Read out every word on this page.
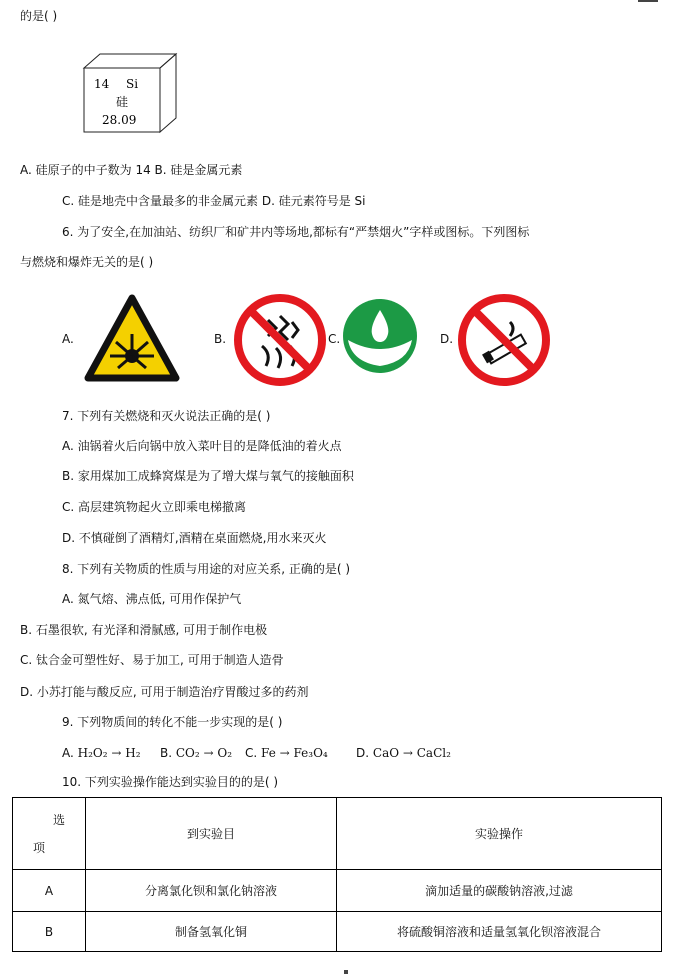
的是( )
14 Si
硅
28.09
A. 硅原子的中子数为 14 B. 硅是金属元素
C. 硅是地壳中含量最多的非金属元素 D. 硅元素符号是 Si
6. 为了安全,在加油站、纺织厂和矿井内等场地,都标有“严禁烟火”字样或图标。下列图标
与燃烧和爆炸无关的是( )
A.	B.	C.	D.
7. 下列有关燃烧和灭火说法正确的是( )
A. 油锅着火后向锅中放入菜叶目的是降低油的着火点
B. 家用煤加工成蜂窝煤是为了增大煤与氧气的接触面积
C. 高层建筑物起火立即乘电梯撤离
D. 不慎碰倒了酒精灯,酒精在桌面燃烧,用水来灭火
8. 下列有关物质的性质与用途的对应关系, 正确的是( )
A. 氮气熔、沸点低, 可用作保护气
B. 石墨很软, 有光泽和滑腻感, 可用于制作电极
C. 钛合金可塑性好、易于加工, 可用于制造人造骨
D. 小苏打能与酸反应, 可用于制造治疗胃酸过多的药剂
9. 下列物质间的转化不能一步实现的是( )
A. H₂O₂ → H₂ B. CO₂ → O₂ C. Fe → Fe₃O₄ D. CaO → CaCl₂
10. 下列实验操作能达到实验目的的是( )
选
项	到实验目	实验操作
A	分离氯化钡和氯化钠溶液	滴加适量的碳酸钠溶液,过滤
B	制备氢氧化铜	将硫酸铜溶液和适量氢氧化钡溶液混合
